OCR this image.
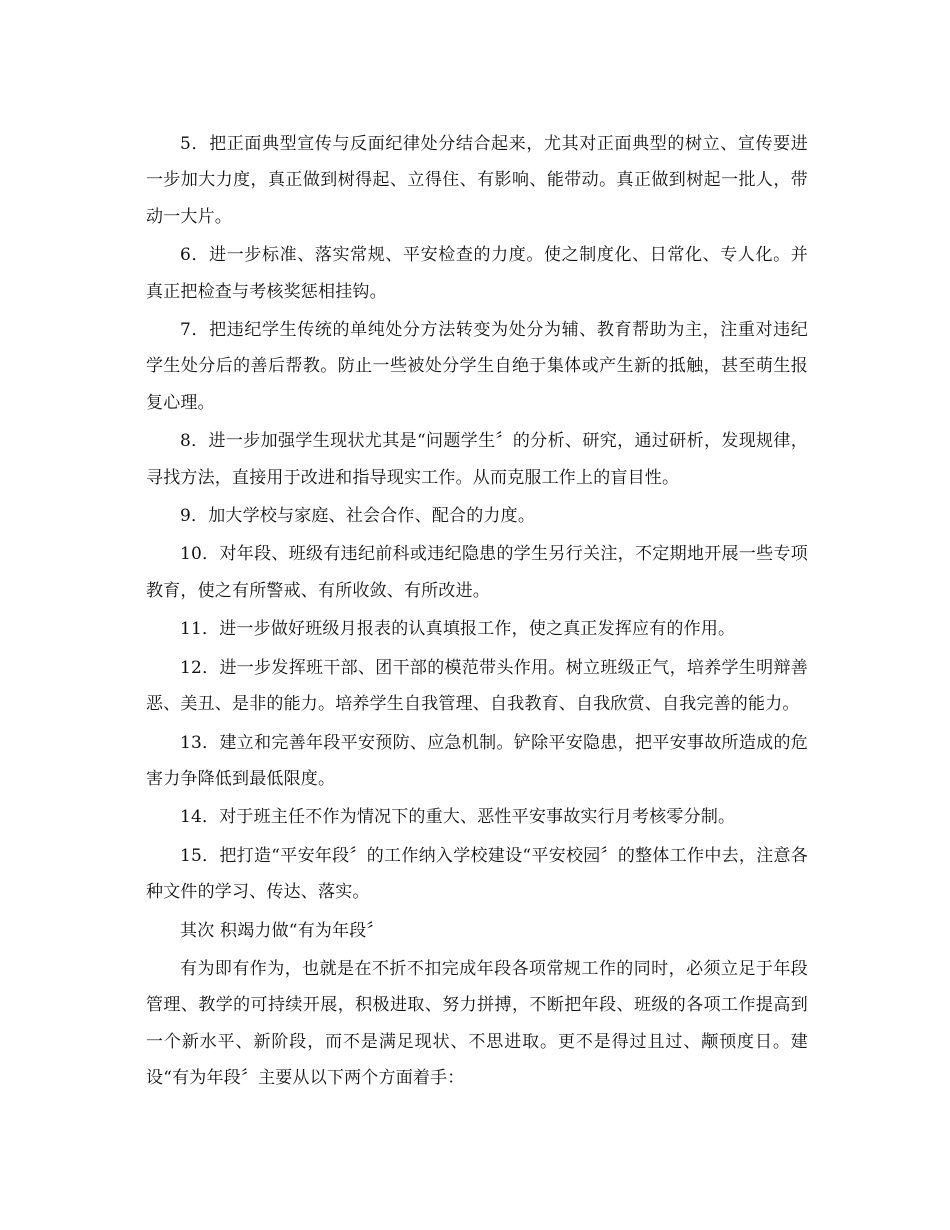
5．把正面典型宣传与反面纪律处分结合起来，尤其对正面典型的树立、宣传要进一步加大力度，真正做到树得起、立得住、有影响、能带动。真正做到树起一批人，带动一大片。

6．进一步标准、落实常规、平安检查的力度。使之制度化、日常化、专人化。并真正把检查与考核奖惩相挂钩。

7．把违纪学生传统的单纯处分方法转变为处分为辅、教育帮助为主，注重对违纪学生处分后的善后帮教。防止一些被处分学生自绝于集体或产生新的抵触，甚至萌生报复心理。

8．进一步加强学生现状尤其是“问题学生〞的分析、研究，通过研析，发现规律，寻找方法，直接用于改进和指导现实工作。从而克服工作上的盲目性。

9．加大学校与家庭、社会合作、配合的力度。

10．对年段、班级有违纪前科或违纪隐患的学生另行关注，不定期地开展一些专项教育，使之有所警戒、有所收敛、有所改进。

11．进一步做好班级月报表的认真填报工作，使之真正发挥应有的作用。

12．进一步发挥班干部、团干部的模范带头作用。树立班级正气，培养学生明辩善恶、美丑、是非的能力。培养学生自我管理、自我教育、自我欣赏、自我完善的能力。

13．建立和完善年段平安预防、应急机制。铲除平安隐患，把平安事故所造成的危害力争降低到最低限度。

14．对于班主任不作为情况下的重大、恶性平安事故实行月考核零分制。

15．把打造“平安年段〞的工作纳入学校建设“平安校园〞的整体工作中去，注意各种文件的学习、传达、落实。

其次 积竭力做“有为年段〞

有为即有作为，也就是在不折不扣完成年段各项常规工作的同时，必须立足于年段管理、教学的可持续开展，积极进取、努力拼搏，不断把年段、班级的各项工作提高到一个新水平、新阶段，而不是满足现状、不思进取。更不是得过且过、颟顸度日。建设“有为年段〞主要从以下两个方面着手：
